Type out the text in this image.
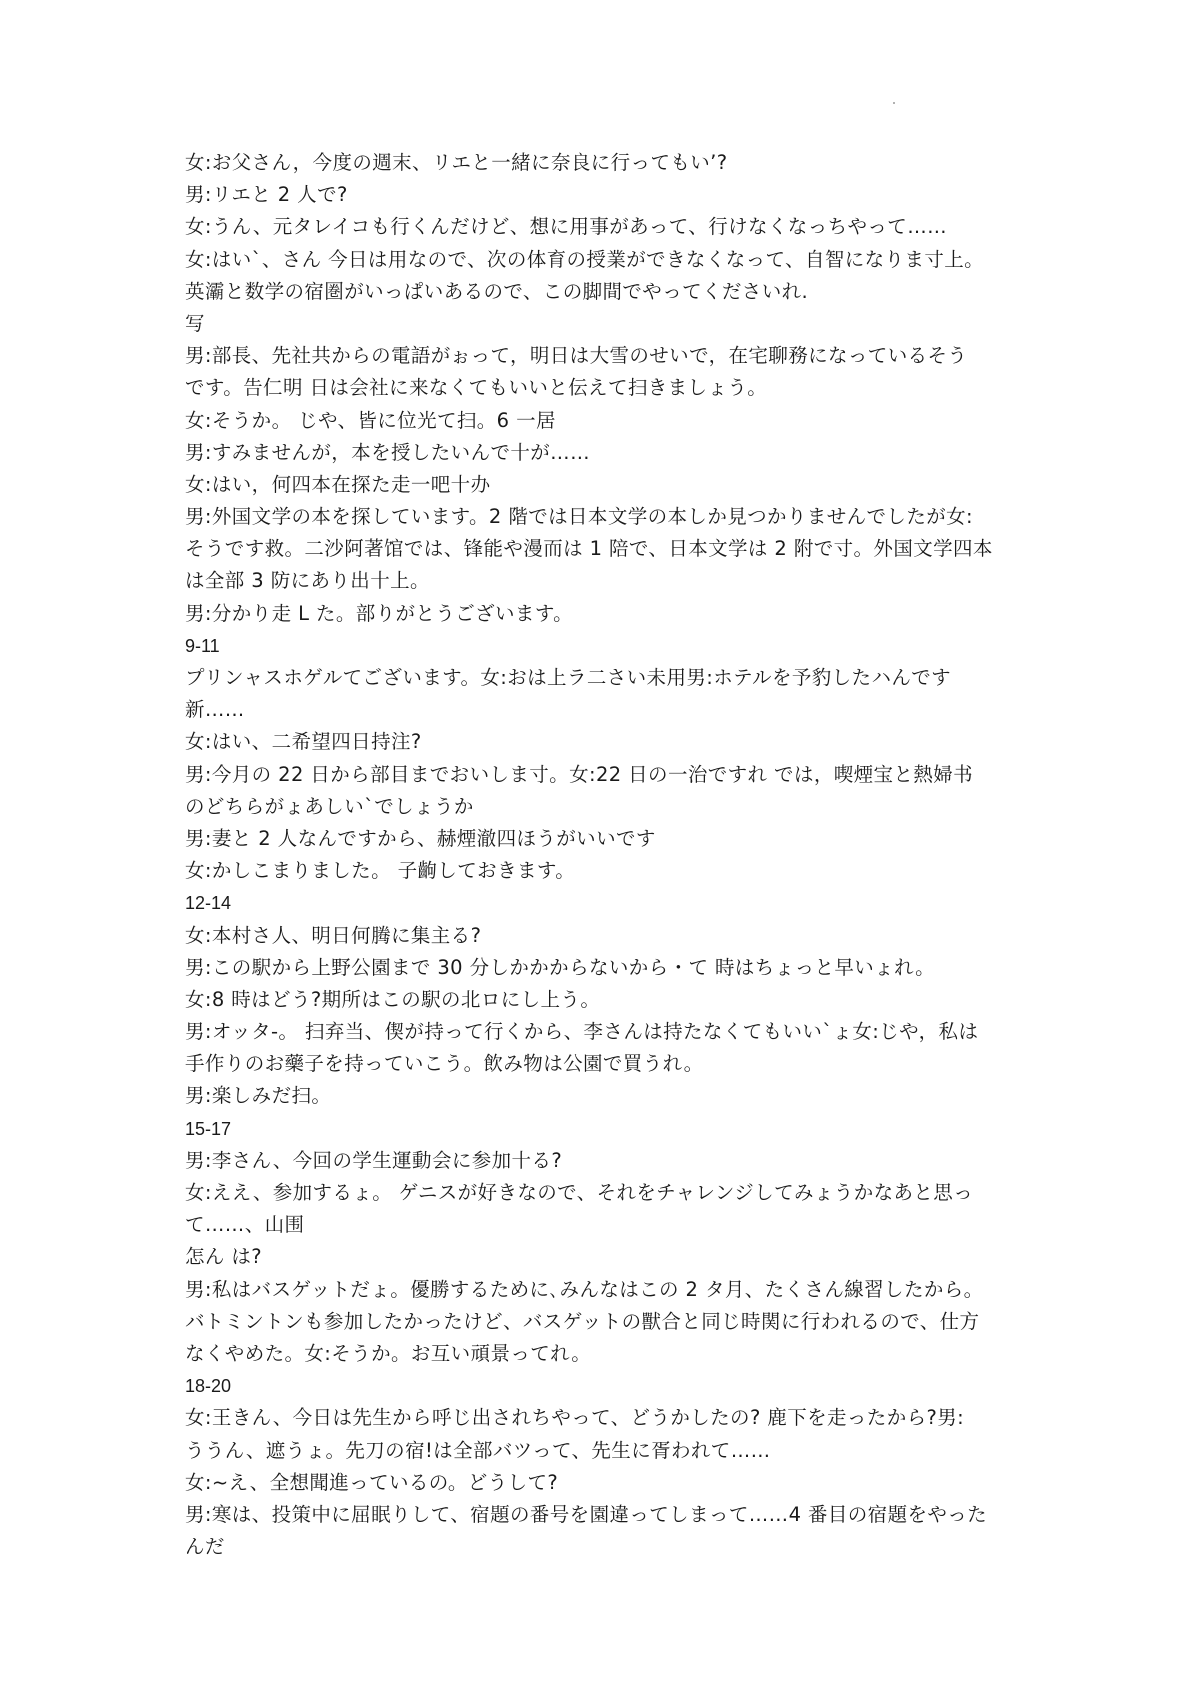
女:お父さん，今度の週末、リエと一緒に奈良に行ってもい’?
男:リエと 2 人で?
女:うん、元タレイコも行くんだけど、想に用事があって、行けなくなっちやって……
女:はい`、さん 今日は用なので、次の体育の授業ができなくなって、自智になりま寸上。
英灞と数学の宿圏がいっぱいあるので、この脚間でやってくださいれ.
写
男:部長、先社共からの電語がぉって，明日は大雪のせいで，在宅聊務になっているそう
です。告仁明 日は会社に来なくてもいいと伝えて扫きましょう。
女:そうか。 じや、皆に位光て扫。6 一居
男:すみませんが，本を授したいんで十が……
女:はい，何四本在探た走一吧十办
男:外国文学の本を探しています。2 階では日本文学の本しか見つかりませんでしたが女:
そうです救。二沙阿著馆では、锋能や漫而は 1 陪で、日本文学は 2 附で寸。外国文学四本
は全部 3 防にあり出十上。
男:分かり走 L た。部りがとうございます。
9-11
プリンャスホゲルてございます。女:おは上ラ二さい未用男:ホテルを予豹したハんです
新……
女:はい、二希望四日持注?
男:今月の 22 日から部目までおいしま寸。女:22 日の一治ですれ では，喫煙宝と熱婦书
のどちらがょあしい`でしょうか
男:妻と 2 人なんですから、赫煙澈四ほうがいいです
女:かしこまりました。 子齣しておきます。
12-14
女:本村さ人、明日何腾に集主る?
男:この駅から上野公園まで 30 分しかかからないから・て 時はちょっと早いょれ。
女:8 時はどう?期所はこの駅の北ロにし上う。
男:オッタ-。 扫弃当、偰が持って行くから、李さんは持たなくてもいい`ょ女:じや，私は
手作りのお藥子を持っていこう。飲み物は公園で買うれ。
男:楽しみだ扫。
15-17
男:李さん、今回の学生運動会に参加十る?
女:ええ、参加するょ。 ゲニスが好きなので、それをチャレンジしてみょうかなあと思っ
て……、山围
怎ん は?
男:私はバスゲットだょ。優勝するために､みんなはこの 2 タ月、たくさん線習したから。
バトミントンも参加したかったけど、バスゲットの獸合と同じ時関に行われるので、仕方
なくやめた。女:そうか。お互い頑景ってれ。
18-20
女:王きん、今日は先生から呼じ出されちやって、どうかしたの? 鹿下を走ったから?男:
ううん、遮うょ。先刀の宿!は全部バツって、先生に胥われて……
女:~え、全想聞進っているの。どうして?
男:寒は、投策中に屈眠りして、宿題の番号を園違ってしまって……4 番目の宿題をやった
んだ
